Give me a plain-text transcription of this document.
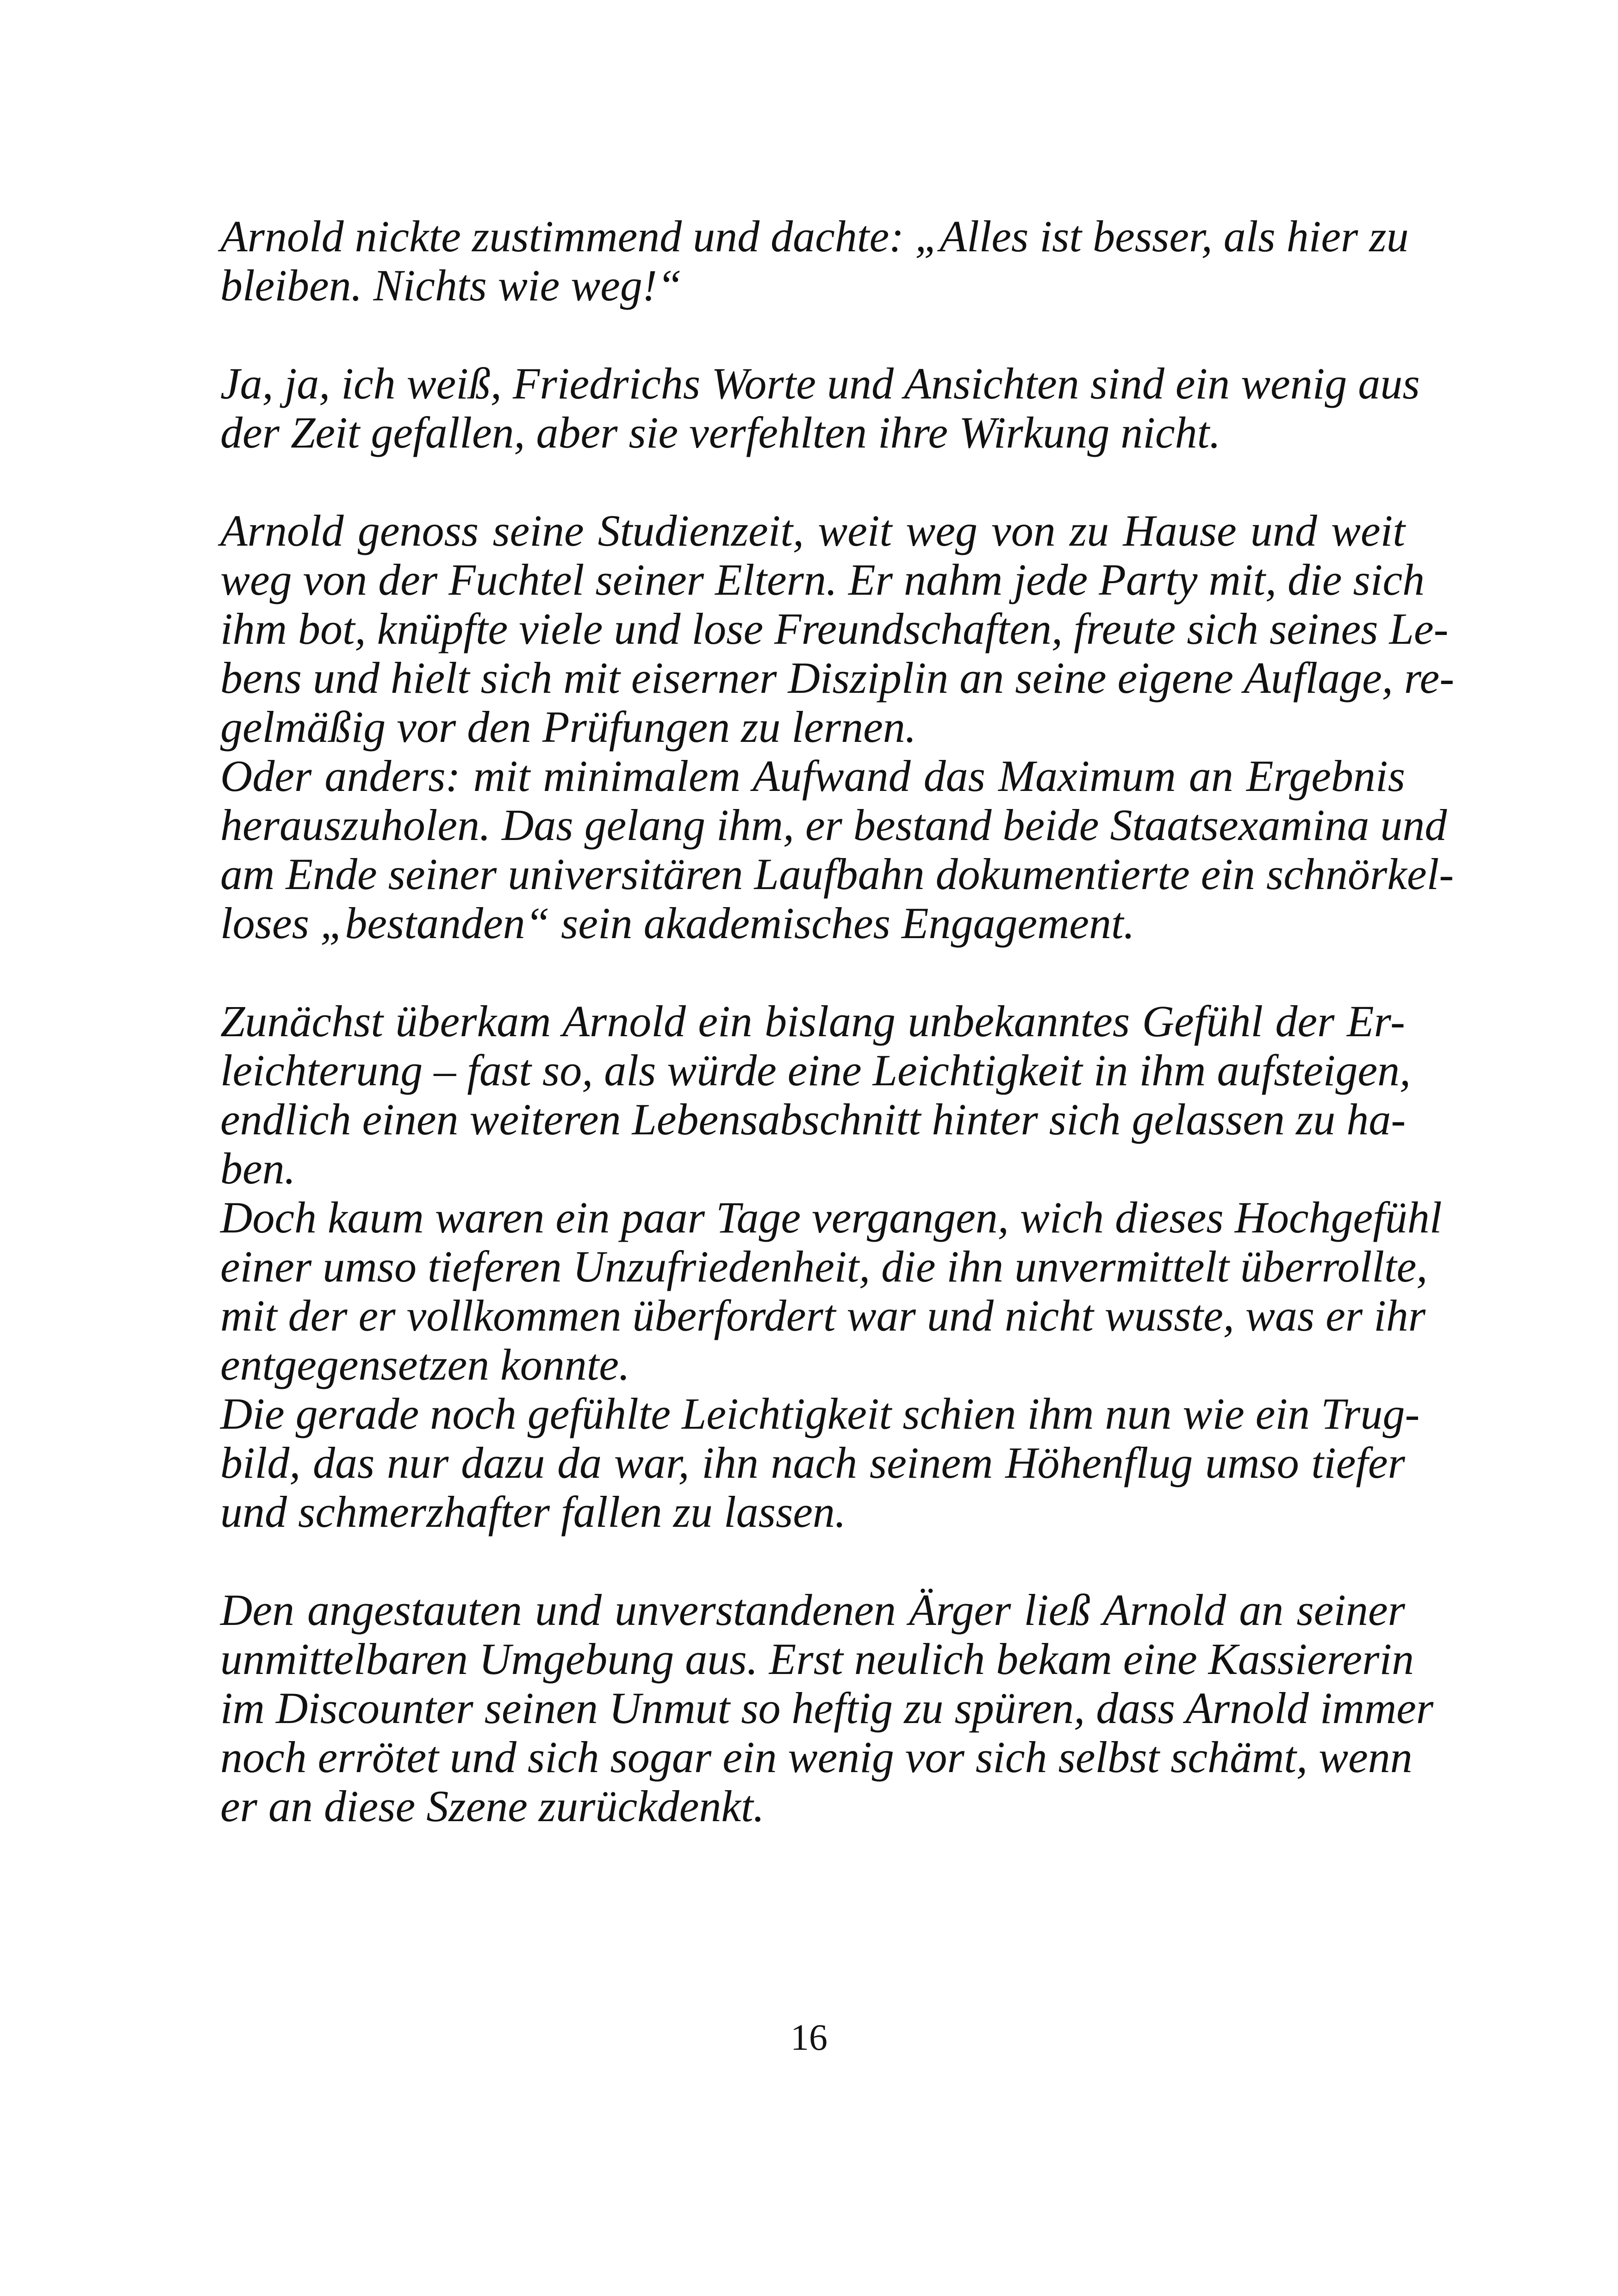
Arnold nickte zustimmend und dachte: „Alles ist besser, als hier zu
bleiben. Nichts wie weg!“
Ja, ja, ich weiß, Friedrichs Worte und Ansichten sind ein wenig aus
der Zeit gefallen, aber sie verfehlten ihre Wirkung nicht.
Arnold genoss seine Studienzeit, weit weg von zu Hause und weit
weg von der Fuchtel seiner Eltern. Er nahm jede Party mit, die sich
ihm bot, knüpfte viele und lose Freundschaften, freute sich seines Le-
bens und hielt sich mit eiserner Disziplin an seine eigene Auflage, re-
gelmäßig vor den Prüfungen zu lernen.
Oder anders: mit minimalem Aufwand das Maximum an Ergebnis
herauszuholen. Das gelang ihm, er bestand beide Staatsexamina und
am Ende seiner universitären Laufbahn dokumentierte ein schnörkel-
loses „bestanden“ sein akademisches Engagement.
Zunächst überkam Arnold ein bislang unbekanntes Gefühl der Er-
leichterung – fast so, als würde eine Leichtigkeit in ihm aufsteigen,
endlich einen weiteren Lebensabschnitt hinter sich gelassen zu ha-
ben.
Doch kaum waren ein paar Tage vergangen, wich dieses Hochgefühl
einer umso tieferen Unzufriedenheit, die ihn unvermittelt überrollte,
mit der er vollkommen überfordert war und nicht wusste, was er ihr
entgegensetzen konnte.
Die gerade noch gefühlte Leichtigkeit schien ihm nun wie ein Trug-
bild, das nur dazu da war, ihn nach seinem Höhenflug umso tiefer
und schmerzhafter fallen zu lassen.
Den angestauten und unverstandenen Ärger ließ Arnold an seiner
unmittelbaren Umgebung aus. Erst neulich bekam eine Kassiererin
im Discounter seinen Unmut so heftig zu spüren, dass Arnold immer
noch errötet und sich sogar ein wenig vor sich selbst schämt, wenn
er an diese Szene zurückdenkt.
16
